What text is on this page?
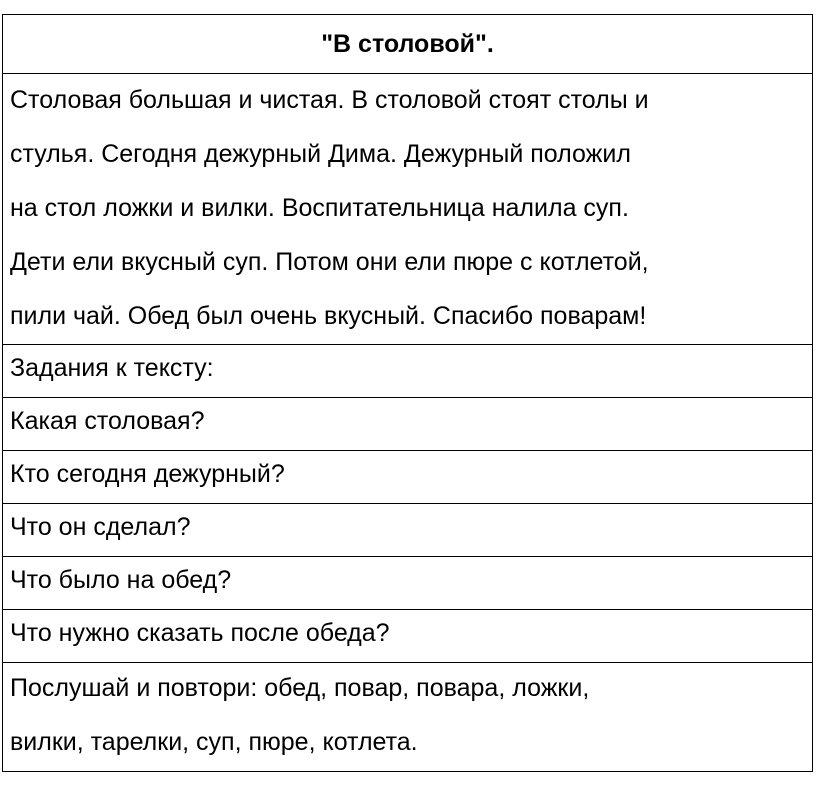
"В столовой".

Столовая большая и чистая. В столовой стоят столы и
стулья. Сегодня дежурный Дима. Дежурный положил
на стол ложки и вилки. Воспитательница налила суп.
Дети ели вкусный суп. Потом они ели пюре с котлетой,
пили чай. Обед был очень вкусный. Спасибо поварам!

Задания к тексту:
Какая столовая?
Кто сегодня дежурный?
Что он сделал?
Что было на обед?
Что нужно сказать после обеда?

Послушай и повтори: обед, повар, повара, ложки,
вилки, тарелки, суп, пюре, котлета.
